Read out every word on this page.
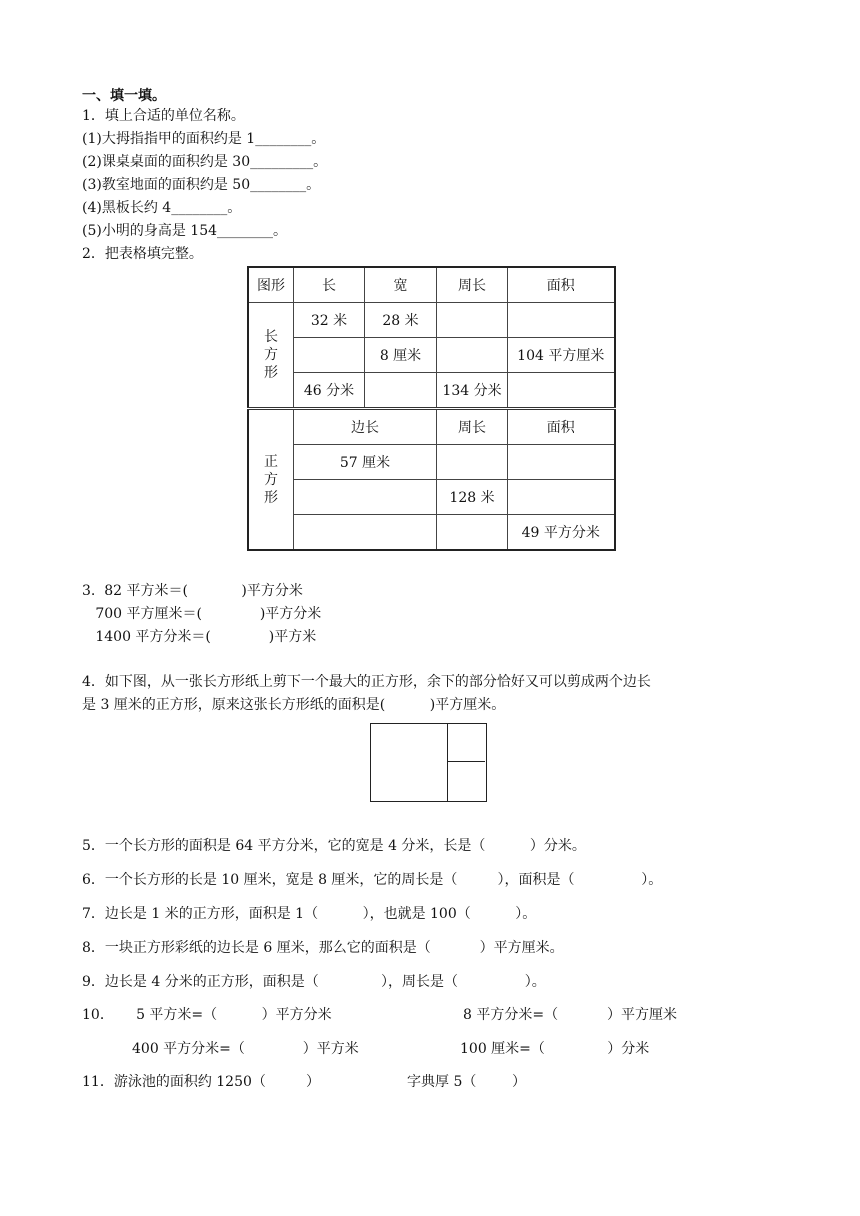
一、填一填。
1．填上合适的单位名称。
(1)大拇指指甲的面积约是 1________。
(2)课桌桌面的面积约是 30_________。
(3)教室地面的面积约是 50________。
(4)黑板长约 4________。
(5)小明的身高是 154________。
2．把表格填完整。
图形	长	宽	周长	面积
长
方
形	32 米	28 米		
		8 厘米		104 平方厘米
	46 分米		134 分米	
正
方
形	边长		周长	面积
	57 厘米			
			128 米	
				49 平方分米
3.  82 平方米＝(            )平方分米
700 平方厘米＝(             )平方分米
1400 平方分米＝(             )平方米
4．如下图，从一张长方形纸上剪下一个最大的正方形，余下的部分恰好又可以剪成两个边长
是 3 厘米的正方形，原来这张长方形纸的面积是(          )平方厘米。
5．一个长方形的面积是 64 平方分米，它的宽是 4 分米，长是（          ）分米。
6．一个长方形的长是 10 厘米，宽是 8 厘米，它的周长是（         ），面积是（               ）。
7．边长是 1 米的正方形，面积是 1（          ），也就是 100（          ）。
8．一块正方形彩纸的边长是 6 厘米，那么它的面积是（           ）平方厘米。
9．边长是 4 分米的正方形，面积是（              ），周长是（               ）。
10．     5 平方米=（          ）平方分米	8 平方分米=（           ）平方厘米
400 平方分米=（             ）平方米	100 厘米=（              ）分米
11．游泳池的面积约 1250（         ）	字典厚 5（        ）
